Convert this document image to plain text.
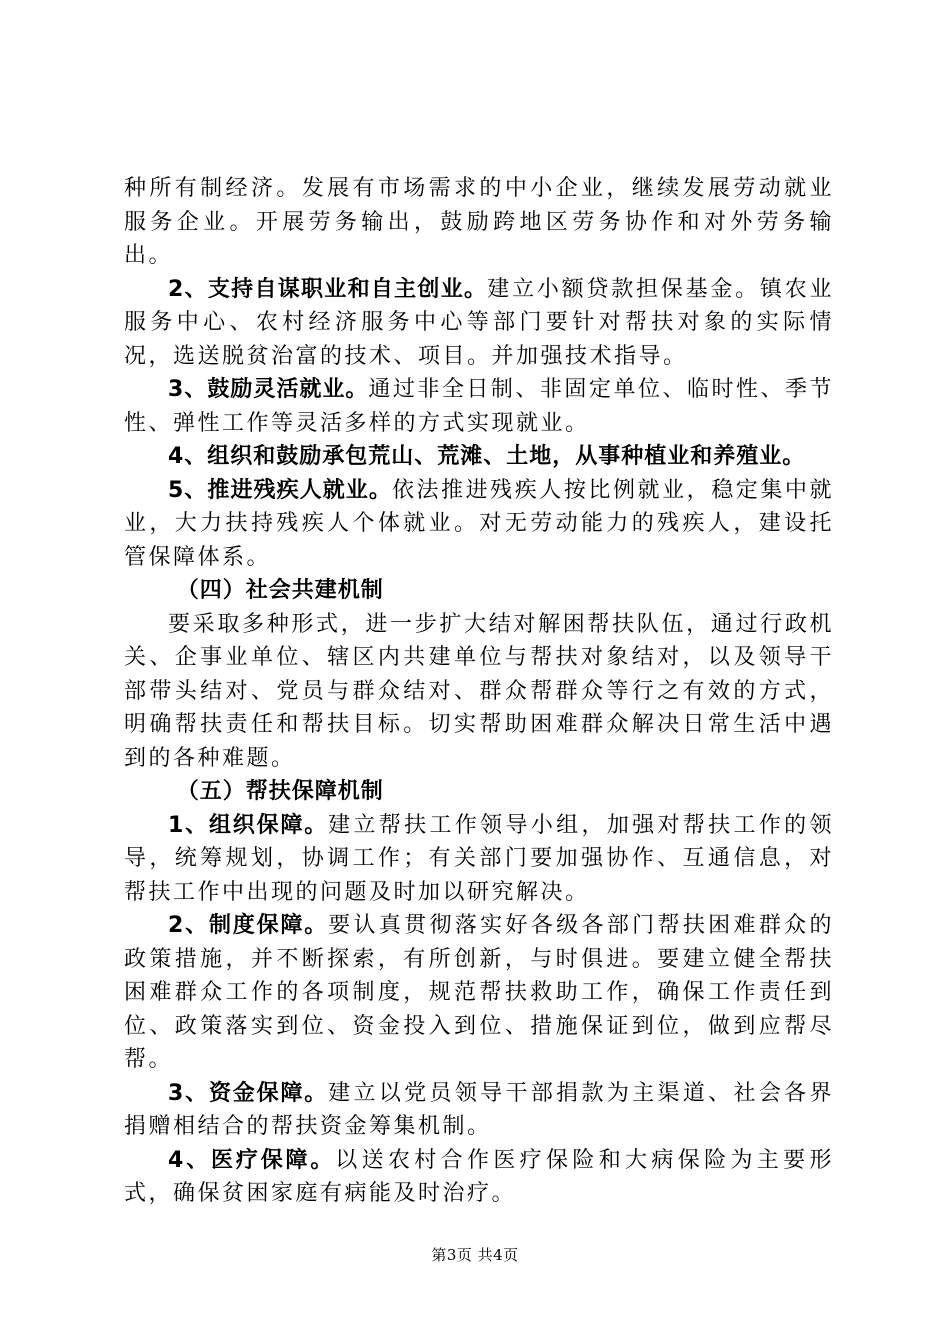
种所有制经济。发展有市场需求的中小企业，继续发展劳动就业服务企业。开展劳务输出，鼓励跨地区劳务协作和对外劳务输出。

2、支持自谋职业和自主创业。建立小额贷款担保基金。镇农业服务中心、农村经济服务中心等部门要针对帮扶对象的实际情况，选送脱贫治富的技术、项目。并加强技术指导。

3、鼓励灵活就业。通过非全日制、非固定单位、临时性、季节性、弹性工作等灵活多样的方式实现就业。

4、组织和鼓励承包荒山、荒滩、土地，从事种植业和养殖业。

5、推进残疾人就业。依法推进残疾人按比例就业，稳定集中就业，大力扶持残疾人个体就业。对无劳动能力的残疾人，建设托管保障体系。

（四）社会共建机制

要采取多种形式，进一步扩大结对解困帮扶队伍，通过行政机关、企事业单位、辖区内共建单位与帮扶对象结对，以及领导干部带头结对、党员与群众结对、群众帮群众等行之有效的方式，明确帮扶责任和帮扶目标。切实帮助困难群众解决日常生活中遇到的各种难题。

（五）帮扶保障机制

1、组织保障。建立帮扶工作领导小组，加强对帮扶工作的领导，统筹规划，协调工作；有关部门要加强协作、互通信息，对帮扶工作中出现的问题及时加以研究解决。

2、制度保障。要认真贯彻落实好各级各部门帮扶困难群众的政策措施，并不断探索，有所创新，与时俱进。要建立健全帮扶困难群众工作的各项制度，规范帮扶救助工作，确保工作责任到位、政策落实到位、资金投入到位、措施保证到位，做到应帮尽帮。

3、资金保障。建立以党员领导干部捐款为主渠道、社会各界捐赠相结合的帮扶资金筹集机制。

4、医疗保障。以送农村合作医疗保险和大病保险为主要形式，确保贫困家庭有病能及时治疗。

第3页 共4页
